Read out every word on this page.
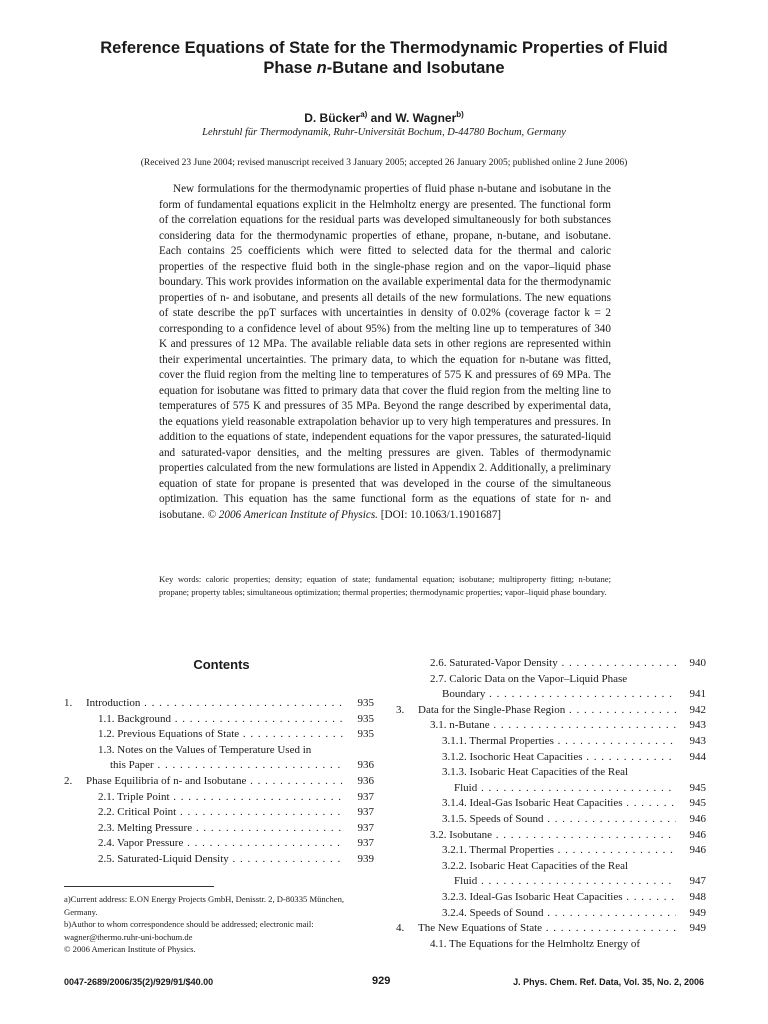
Reference Equations of State for the Thermodynamic Properties of Fluid
Phase n-Butane and Isobutane
D. Bücker$^{a)}$ and W. Wagner$^{b)}$
Lehrstuhl für Thermodynamik, Ruhr-Universität Bochum, D-44780 Bochum, Germany
(Received 23 June 2004; revised manuscript received 3 January 2005; accepted 26 January 2005; published online 2 June 2006)

New formulations for the thermodynamic properties of fluid phase n-butane and isobutane in the form of fundamental equations explicit in the Helmholtz energy are presented. The functional form of the correlation equations for the residual parts was developed simultaneously for both substances considering data for the thermodynamic properties of ethane, propane, n-butane, and isobutane. Each contains 25 coefficients which were fitted to selected data for the thermal and caloric properties of the respective fluid both in the single-phase region and on the vapor–liquid phase boundary. This work provides information on the available experimental data for the thermodynamic properties of n- and isobutane, and presents all details of the new formulations. The new equations of state describe the pρT surfaces with uncertainties in density of 0.02% (coverage factor k = 2 corresponding to a confidence level of about 95%) from the melting line up to temperatures of 340 K and pressures of 12 MPa. The available reliable data sets in other regions are represented within their experimental uncertainties. The primary data, to which the equation for n-butane was fitted, cover the fluid region from the melting line to temperatures of 575 K and pressures of 69 MPa. The equation for isobutane was fitted to primary data that cover the fluid region from the melting line to temperatures of 575 K and pressures of 35 MPa. Beyond the range described by experimental data, the equations yield reasonable extrapolation behavior up to very high temperatures and pressures. In addition to the equations of state, independent equations for the vapor pressures, the saturated-liquid and saturated-vapor densities, and the melting pressures are given. Tables of thermodynamic properties calculated from the new formulations are listed in Appendix 2. Additionally, a preliminary equation of state for propane is presented that was developed in the course of the simultaneous optimization. This equation has the same functional form as the equations of state for n- and isobutane. © 2006 American Institute of Physics. [DOI: 10.1063/1.1901687]

Key words: caloric properties; density; equation of state; fundamental equation; isobutane; multiproperty fitting; n-butane; propane; property tables; simultaneous optimization; thermal properties; thermodynamic properties; vapor–liquid phase boundary.
Contents
1.	Introduction . . .	935
1.1. Background . . .	935
1.2. Previous Equations of State . . .	935
1.3. Notes on the Values of Temperature Used in
this Paper . . .	936
2.	Phase Equilibria of n- and Isobutane . . .	936
2.1. Triple Point . . .	937
2.2. Critical Point . . .	937
2.3. Melting Pressure . . .	937
2.4. Vapor Pressure . . .	937
2.5. Saturated-Liquid Density . . .	939
2.6. Saturated-Vapor Density . . .	940
2.7. Caloric Data on the Vapor–Liquid Phase
Boundary . . .	941
3.	Data for the Single-Phase Region . . .	942
3.1. n-Butane . . .	943
3.1.1. Thermal Properties . . .	943
3.1.2. Isochoric Heat Capacities . . .	944
3.1.3. Isobaric Heat Capacities of the Real
Fluid . . .	945
3.1.4. Ideal-Gas Isobaric Heat Capacities . . .	945
3.1.5. Speeds of Sound . . .	946
3.2. Isobutane . . .	946
3.2.1. Thermal Properties . . .	946
3.2.2. Isobaric Heat Capacities of the Real
Fluid . . .	947
3.2.3. Ideal-Gas Isobaric Heat Capacities . . .	948
3.2.4. Speeds of Sound . . .	949
4.	The New Equations of State . . .	949
4.1. The Equations for the Helmholtz Energy of
a)Current address: E.ON Energy Projects GmbH, Denisstr. 2, D-80335 München, Germany.
b)Author to whom correspondence should be addressed; electronic mail: wagner@thermo.ruhr-uni-bochum.de
© 2006 American Institute of Physics.
0047-2689/2006/35(2)/929/91/$40.00	929	J. Phys. Chem. Ref. Data, Vol. 35, No. 2, 2006
